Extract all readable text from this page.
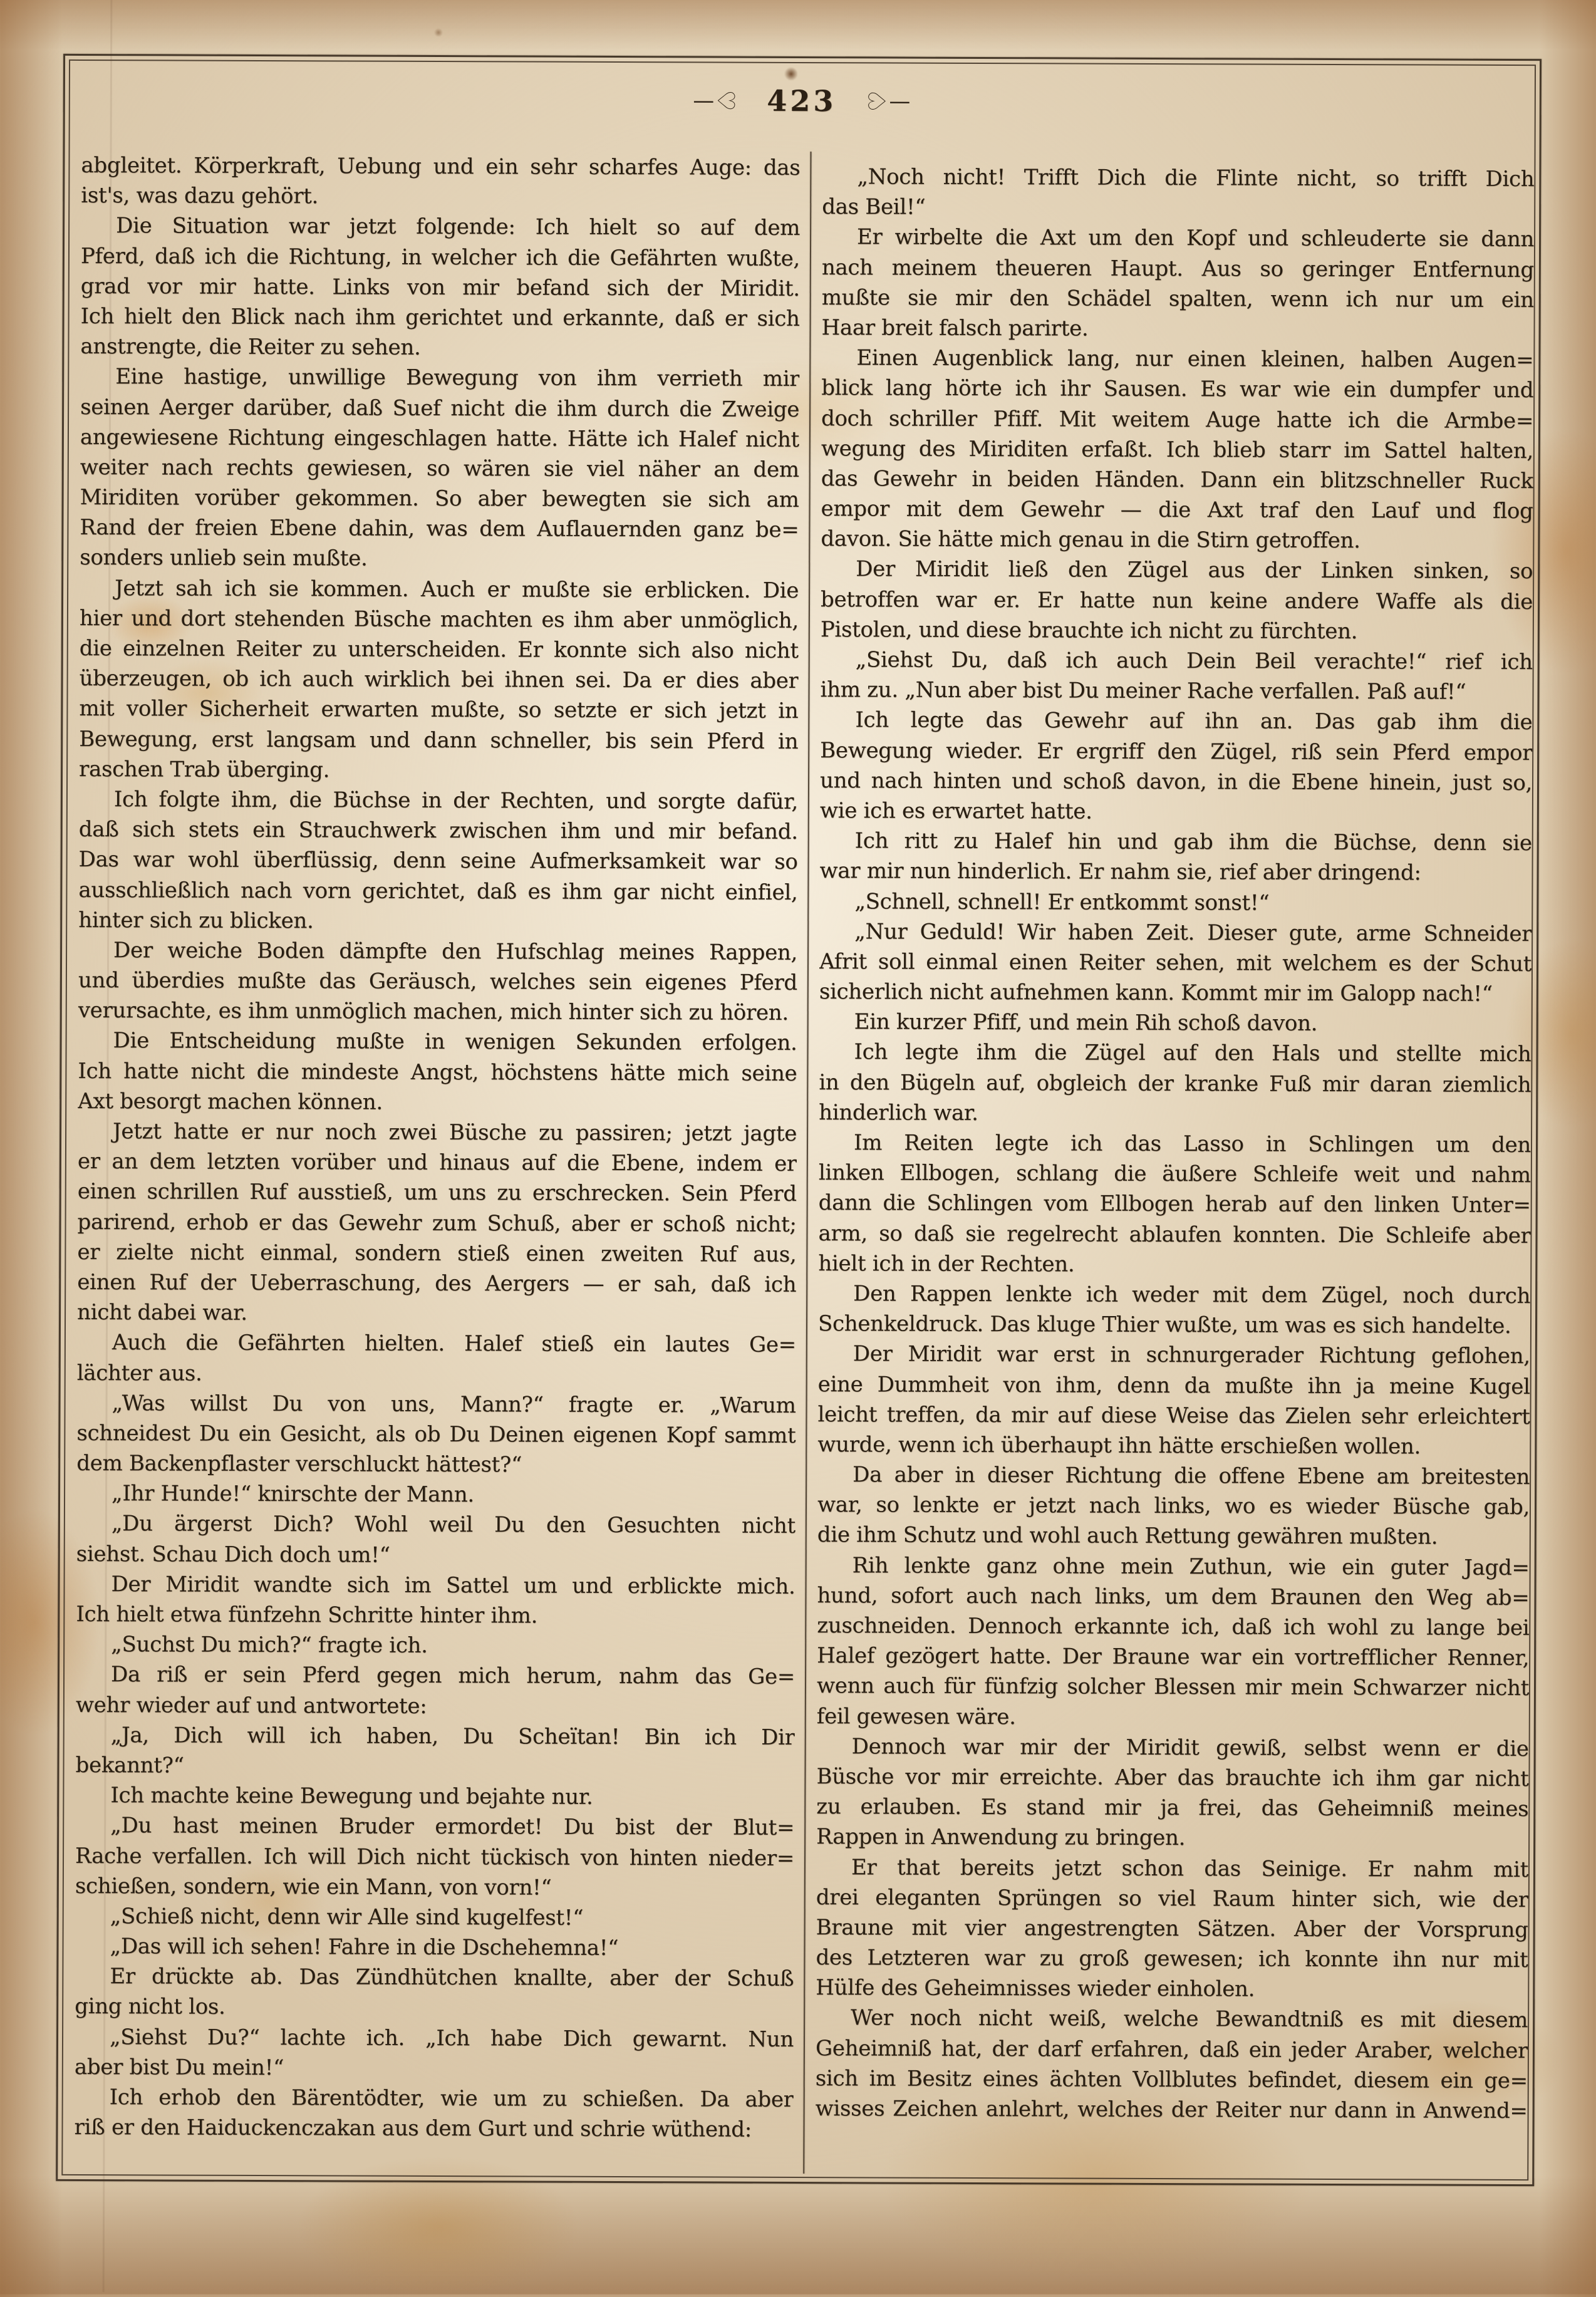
—♡ 423 ♡—
abgleitet. Körperkraft, Uebung und ein sehr scharfes Auge: das
ist's, was dazu gehört.
Die Situation war jetzt folgende: Ich hielt so auf dem
Pferd, daß ich die Richtung, in welcher ich die Gefährten wußte,
grad vor mir hatte. Links von mir befand sich der Miridit.
Ich hielt den Blick nach ihm gerichtet und erkannte, daß er sich
anstrengte, die Reiter zu sehen.
Eine hastige, unwillige Bewegung von ihm verrieth mir
seinen Aerger darüber, daß Suef nicht die ihm durch die Zweige
angewiesene Richtung eingeschlagen hatte. Hätte ich Halef nicht
weiter nach rechts gewiesen, so wären sie viel näher an dem
Miriditen vorüber gekommen. So aber bewegten sie sich am
Rand der freien Ebene dahin, was dem Auflauernden ganz be=
sonders unlieb sein mußte.
Jetzt sah ich sie kommen. Auch er mußte sie erblicken. Die
hier und dort stehenden Büsche machten es ihm aber unmöglich,
die einzelnen Reiter zu unterscheiden. Er konnte sich also nicht
überzeugen, ob ich auch wirklich bei ihnen sei. Da er dies aber
mit voller Sicherheit erwarten mußte, so setzte er sich jetzt in
Bewegung, erst langsam und dann schneller, bis sein Pferd in
raschen Trab überging.
Ich folgte ihm, die Büchse in der Rechten, und sorgte dafür,
daß sich stets ein Strauchwerk zwischen ihm und mir befand.
Das war wohl überflüssig, denn seine Aufmerksamkeit war so
ausschließlich nach vorn gerichtet, daß es ihm gar nicht einfiel,
hinter sich zu blicken.
Der weiche Boden dämpfte den Hufschlag meines Rappen,
und überdies mußte das Geräusch, welches sein eigenes Pferd
verursachte, es ihm unmöglich machen, mich hinter sich zu hören.
Die Entscheidung mußte in wenigen Sekunden erfolgen.
Ich hatte nicht die mindeste Angst, höchstens hätte mich seine
Axt besorgt machen können.
Jetzt hatte er nur noch zwei Büsche zu passiren; jetzt jagte
er an dem letzten vorüber und hinaus auf die Ebene, indem er
einen schrillen Ruf ausstieß, um uns zu erschrecken. Sein Pferd
parirend, erhob er das Gewehr zum Schuß, aber er schoß nicht;
er zielte nicht einmal, sondern stieß einen zweiten Ruf aus,
einen Ruf der Ueberraschung, des Aergers — er sah, daß ich
nicht dabei war.
Auch die Gefährten hielten. Halef stieß ein lautes Ge=
lächter aus.
„Was willst Du von uns, Mann?“ fragte er. „Warum
schneidest Du ein Gesicht, als ob Du Deinen eigenen Kopf sammt
dem Backenpflaster verschluckt hättest?“
„Ihr Hunde!“ knirschte der Mann.
„Du ärgerst Dich? Wohl weil Du den Gesuchten nicht
siehst. Schau Dich doch um!“
Der Miridit wandte sich im Sattel um und erblickte mich.
Ich hielt etwa fünfzehn Schritte hinter ihm.
„Suchst Du mich?“ fragte ich.
Da riß er sein Pferd gegen mich herum, nahm das Ge=
wehr wieder auf und antwortete:
„Ja, Dich will ich haben, Du Scheïtan! Bin ich Dir
bekannt?“
Ich machte keine Bewegung und bejahte nur.
„Du hast meinen Bruder ermordet! Du bist der Blut=
Rache verfallen. Ich will Dich nicht tückisch von hinten nieder=
schießen, sondern, wie ein Mann, von vorn!“
„Schieß nicht, denn wir Alle sind kugelfest!“
„Das will ich sehen! Fahre in die Dschehemna!“
Er drückte ab. Das Zündhütchen knallte, aber der Schuß
ging nicht los.
„Siehst Du?“ lachte ich. „Ich habe Dich gewarnt. Nun
aber bist Du mein!“
Ich erhob den Bärentödter, wie um zu schießen. Da aber
riß er den Haiduckenczakan aus dem Gurt und schrie wüthend:
„Noch nicht! Trifft Dich die Flinte nicht, so trifft Dich
das Beil!“
Er wirbelte die Axt um den Kopf und schleuderte sie dann
nach meinem theueren Haupt. Aus so geringer Entfernung
mußte sie mir den Schädel spalten, wenn ich nur um ein
Haar breit falsch parirte.
Einen Augenblick lang, nur einen kleinen, halben Augen=
blick lang hörte ich ihr Sausen. Es war wie ein dumpfer und
doch schriller Pfiff. Mit weitem Auge hatte ich die Armbe=
wegung des Miriditen erfaßt. Ich blieb starr im Sattel halten,
das Gewehr in beiden Händen. Dann ein blitzschneller Ruck
empor mit dem Gewehr — die Axt traf den Lauf und flog
davon. Sie hätte mich genau in die Stirn getroffen.
Der Miridit ließ den Zügel aus der Linken sinken, so
betroffen war er. Er hatte nun keine andere Waffe als die
Pistolen, und diese brauchte ich nicht zu fürchten.
„Siehst Du, daß ich auch Dein Beil verachte!“ rief ich
ihm zu. „Nun aber bist Du meiner Rache verfallen. Paß auf!“
Ich legte das Gewehr auf ihn an. Das gab ihm die
Bewegung wieder. Er ergriff den Zügel, riß sein Pferd empor
und nach hinten und schoß davon, in die Ebene hinein, just so,
wie ich es erwartet hatte.
Ich ritt zu Halef hin und gab ihm die Büchse, denn sie
war mir nun hinderlich. Er nahm sie, rief aber dringend:
„Schnell, schnell! Er entkommt sonst!“
„Nur Geduld! Wir haben Zeit. Dieser gute, arme Schneider
Afrit soll einmal einen Reiter sehen, mit welchem es der Schut
sicherlich nicht aufnehmen kann. Kommt mir im Galopp nach!“
Ein kurzer Pfiff, und mein Rih schoß davon.
Ich legte ihm die Zügel auf den Hals und stellte mich
in den Bügeln auf, obgleich der kranke Fuß mir daran ziemlich
hinderlich war.
Im Reiten legte ich das Lasso in Schlingen um den
linken Ellbogen, schlang die äußere Schleife weit und nahm
dann die Schlingen vom Ellbogen herab auf den linken Unter=
arm, so daß sie regelrecht ablaufen konnten. Die Schleife aber
hielt ich in der Rechten.
Den Rappen lenkte ich weder mit dem Zügel, noch durch
Schenkeldruck. Das kluge Thier wußte, um was es sich handelte.
Der Miridit war erst in schnurgerader Richtung geflohen,
eine Dummheit von ihm, denn da mußte ihn ja meine Kugel
leicht treffen, da mir auf diese Weise das Zielen sehr erleichtert
wurde, wenn ich überhaupt ihn hätte erschießen wollen.
Da aber in dieser Richtung die offene Ebene am breitesten
war, so lenkte er jetzt nach links, wo es wieder Büsche gab,
die ihm Schutz und wohl auch Rettung gewähren mußten.
Rih lenkte ganz ohne mein Zuthun, wie ein guter Jagd=
hund, sofort auch nach links, um dem Braunen den Weg ab=
zuschneiden. Dennoch erkannte ich, daß ich wohl zu lange bei
Halef gezögert hatte. Der Braune war ein vortrefflicher Renner,
wenn auch für fünfzig solcher Blessen mir mein Schwarzer nicht
feil gewesen wäre.
Dennoch war mir der Miridit gewiß, selbst wenn er die
Büsche vor mir erreichte. Aber das brauchte ich ihm gar nicht
zu erlauben. Es stand mir ja frei, das Geheimniß meines
Rappen in Anwendung zu bringen.
Er that bereits jetzt schon das Seinige. Er nahm mit
drei eleganten Sprüngen so viel Raum hinter sich, wie der
Braune mit vier angestrengten Sätzen. Aber der Vorsprung
des Letzteren war zu groß gewesen; ich konnte ihn nur mit
Hülfe des Geheimnisses wieder einholen.
Wer noch nicht weiß, welche Bewandtniß es mit diesem
Geheimniß hat, der darf erfahren, daß ein jeder Araber, welcher
sich im Besitz eines ächten Vollblutes befindet, diesem ein ge=
wisses Zeichen anlehrt, welches der Reiter nur dann in Anwend=
